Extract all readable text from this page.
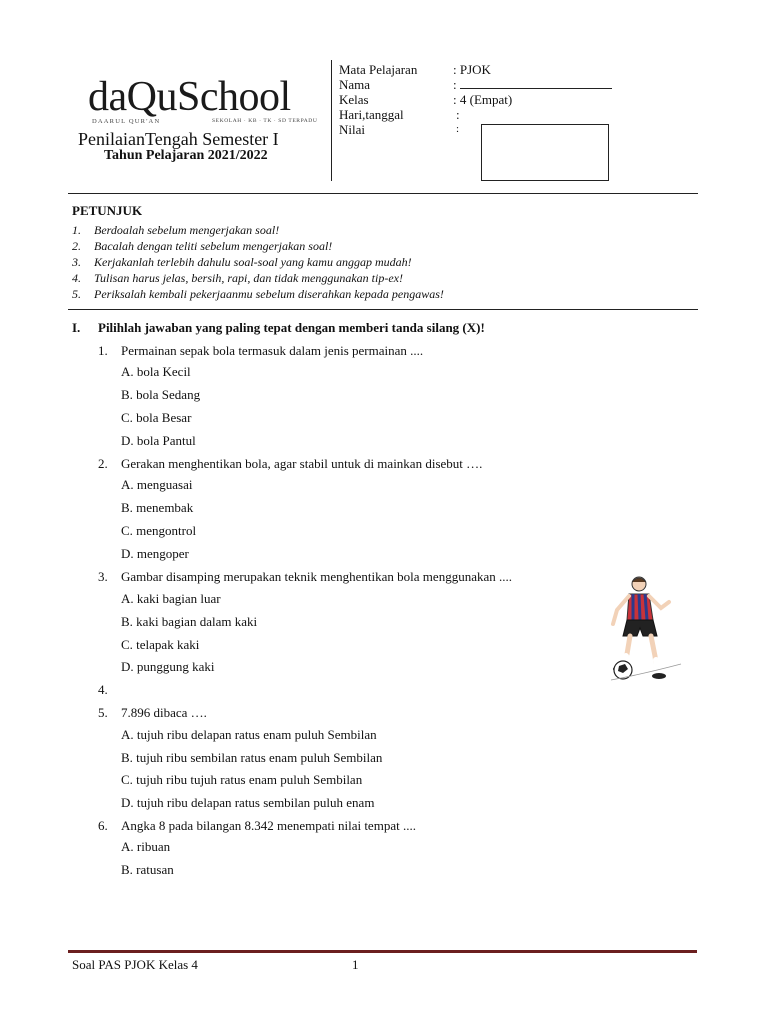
daQuSchool
DAARUL QUR'AN	SEKOLAH · KB · TK · SD TERPADU
PenilaianTengah Semester I
Tahun Pelajaran 2021/2022
Mata Pelajaran	: PJOK
Nama	:
Kelas	: 4 (Empat)
Hari,tanggal	:
Nilai	:
PETUNJUK
1. Berdoalah sebelum mengerjakan soal!
2. Bacalah dengan teliti sebelum mengerjakan soal!
3. Kerjakanlah terlebih dahulu soal-soal yang kamu anggap mudah!
4. Tulisan harus jelas, bersih, rapi, dan tidak menggunakan tip-ex!
5. Periksalah kembali pekerjaanmu sebelum diserahkan kepada pengawas!
I. Pilihlah jawaban yang paling tepat dengan memberi tanda silang (X)!
1. Permainan sepak bola termasuk dalam jenis permainan ....
A. bola Kecil
B. bola Sedang
C. bola Besar
D. bola Pantul
2. Gerakan menghentikan bola, agar stabil untuk di mainkan disebut ….
A. menguasai
B. menembak
C. mengontrol
D. mengoper
3. Gambar disamping merupakan teknik menghentikan bola menggunakan ....
A. kaki bagian luar
B. kaki bagian dalam kaki
C. telapak kaki
D. punggung kaki
4.
5. 7.896 dibaca ….
A. tujuh ribu delapan ratus enam puluh Sembilan
B. tujuh ribu sembilan ratus enam puluh Sembilan
C. tujuh ribu tujuh ratus enam puluh Sembilan
D. tujuh ribu delapan ratus sembilan puluh enam
6. Angka 8 pada bilangan 8.342 menempati nilai tempat ....
A. ribuan
B. ratusan
Soal PAS PJOK Kelas 4	1
